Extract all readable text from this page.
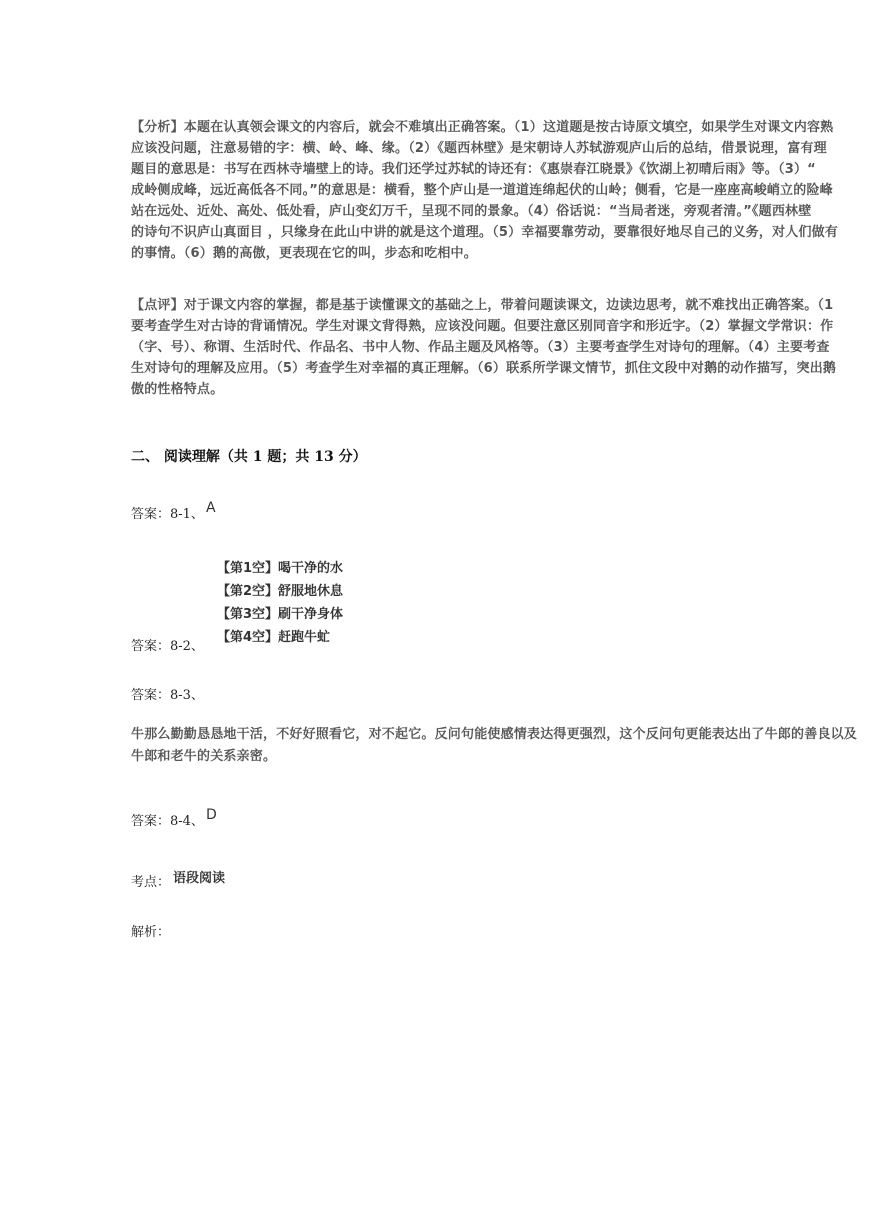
【分析】本题在认真领会课文的内容后，就会不难填出正确答案。（1）这道题是按古诗原文填空，如果学生对课文内容熟
应该没问题，注意易错的字：横、岭、峰、缘。（2）《题西林壁》是宋朝诗人苏轼游观庐山后的总结，借景说理，富有理
题目的意思是：书写在西林寺墙壁上的诗。我们还学过苏轼的诗还有：《惠崇春江晓景》《饮湖上初晴后雨》等。（3）“
成岭侧成峰，远近高低各不同。”的意思是：横看，整个庐山是一道道连绵起伏的山岭；侧看，它是一座座高峻峭立的险峰
站在远处、近处、高处、低处看，庐山变幻万千，呈现不同的景象。（4）俗话说：“当局者迷，旁观者清。”《题西林壁
的诗句不识庐山真面目 ，只缘身在此山中讲的就是这个道理。（5）幸福要靠劳动，要靠很好地尽自己的义务，对人们做有
的事情。（6）鹅的高傲，更表现在它的叫，步态和吃相中。
【点评】对于课文内容的掌握，都是基于读懂课文的基础之上，带着问题读课文，边读边思考，就不难找出正确答案。（1
要考查学生对古诗的背诵情况。学生对课文背得熟，应该没问题。但要注意区别同音字和形近字。（2）掌握文学常识：作
（字、号）、称谓、生活时代、作品名、书中人物、作品主题及风格等。（3）主要考查学生对诗句的理解。（4）主要考查
生对诗句的理解及应用。（5）考查学生对幸福的真正理解。（6）联系所学课文情节，抓住文段中对鹅的动作描写，突出鹅
傲的性格特点。
二、 阅读理解（共 1 题；共 13 分）
答案：8-1、 A
【第1空】喝干净的水
【第2空】舒服地休息
【第3空】刷干净身体
【第4空】赶跑牛虻
答案：8-2、
答案：8-3、
牛那么勤勤恳恳地干活，不好好照看它，对不起它。反问句能使感情表达得更强烈，这个反问句更能表达出了牛郎的善良以及
牛郎和老牛的关系亲密。
答案：8-4、 D
考点： 语段阅读
解析：
